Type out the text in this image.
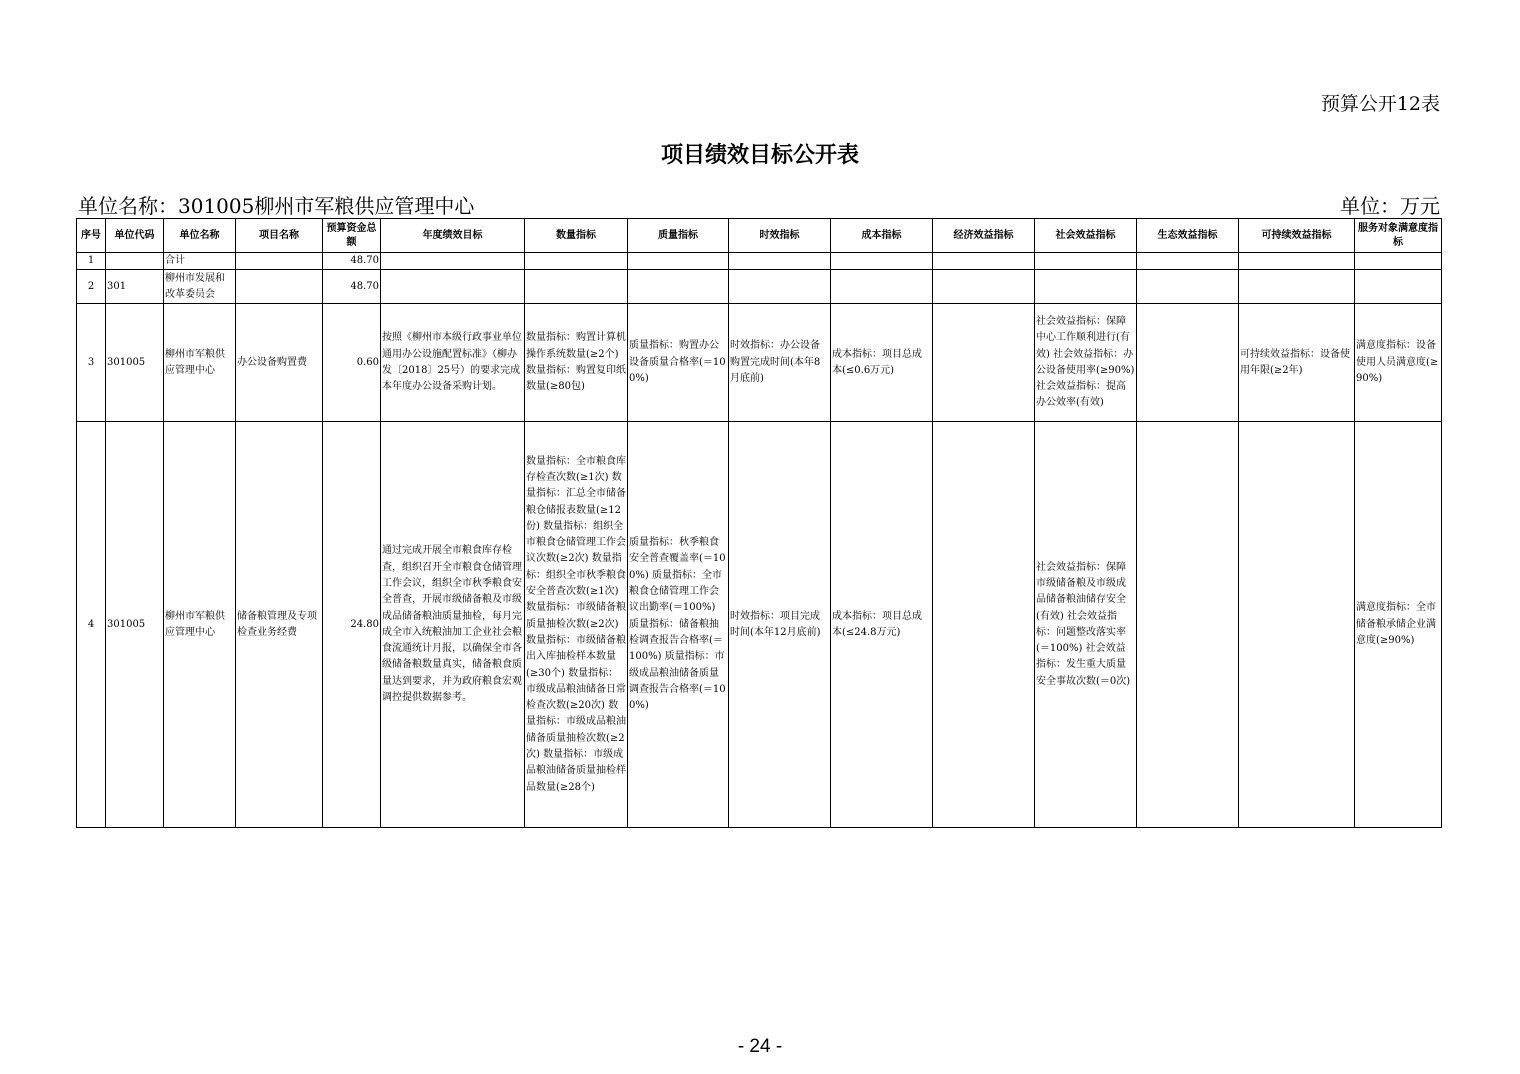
预算公开12表
项目绩效目标公开表
单位名称：301005柳州市军粮供应管理中心	单位：万元
序号	单位代码	单位名称	项目名称	预算资金总额	年度绩效目标	数量指标	质量指标	时效指标	成本指标	经济效益指标	社会效益指标	生态效益指标	可持续效益指标	服务对象满意度指标
1		合计		48.70										
2	301	柳州市发展和改革委员会		48.70										
3	301005	柳州市军粮供应管理中心	办公设备购置费	0.60	按照《柳州市本级行政事业单位通用办公设施配置标准》（柳办发〔2018〕25号）的要求完成本年度办公设备采购计划。	数量指标：购置计算机操作系统数量(≥2个) 数量指标：购置复印纸数量(≥80包)	质量指标：购置办公设备质量合格率(＝100%)	时效指标：办公设备购置完成时间(本年8月底前)	成本指标：项目总成本(≤0.6万元)		社会效益指标：保障中心工作顺利进行(有效) 社会效益指标：办公设备使用率(≥90%) 社会效益指标：提高办公效率(有效)		可持续效益指标：设备使用年限(≥2年)	满意度指标：设备使用人员满意度(≥90%)
4	301005	柳州市军粮供应管理中心	储备粮管理及专项检查业务经费	24.80	通过完成开展全市粮食库存检查，组织召开全市粮食仓储管理工作会议，组织全市秋季粮食安全普查，开展市级储备粮及市级成品储备粮油质量抽检，每月完成全市入统粮油加工企业社会粮食流通统计月报，以确保全市各级储备粮数量真实，储备粮食质量达到要求，并为政府粮食宏观调控提供数据参考。	数量指标：全市粮食库存检查次数(≥1次) 数量指标：汇总全市储备粮仓储报表数量(≥12份) 数量指标：组织全市粮食仓储管理工作会议次数(≥2次) 数量指标：组织全市秋季粮食安全普查次数(≥1次) 数量指标：市级储备粮质量抽检次数(≥2次) 数量指标：市级储备粮出入库抽检样本数量(≥30个) 数量指标：市级成品粮油储备日常检查次数(≥20次) 数量指标：市级成品粮油储备质量抽检次数(≥2次) 数量指标：市级成品粮油储备质量抽检样品数量(≥28个)	质量指标：秋季粮食安全普查覆盖率(＝100%) 质量指标：全市粮食仓储管理工作会议出勤率(＝100%) 质量指标：储备粮抽检调查报告合格率(＝100%) 质量指标：市级成品粮油储备质量调查报告合格率(＝100%)	时效指标：项目完成时间(本年12月底前)	成本指标：项目总成本(≤24.8万元)		社会效益指标：保障市级储备粮及市级成品储备粮油储存安全(有效) 社会效益指标：问题整改落实率(＝100%) 社会效益指标：发生重大质量安全事故次数(＝0次)			满意度指标：全市储备粮承储企业满意度(≥90%)
- 24 -
